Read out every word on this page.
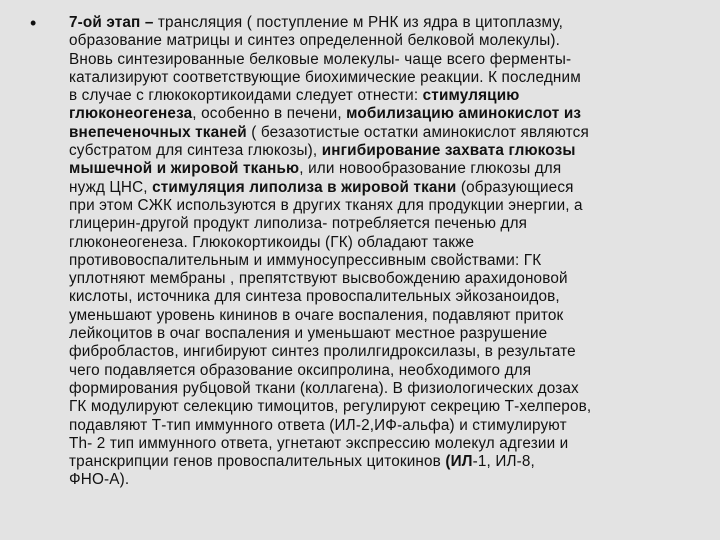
• 7-ой этап – трансляция ( поступление м РНК из ядра в цитоплазму,
образование матрицы и синтез определенной белковой молекулы).
Вновь синтезированные белковые молекулы- чаще всего ферменты-
катализируют соответствующие биохимические реакции. К последним
в случае с глюкокортикоидами следует отнести: стимуляцию
глюконеогенеза, особенно в печени, мобилизацию аминокислот из
внепеченочных тканей ( безазотистые остатки аминокислот являются
субстратом для синтеза глюкозы), ингибирование захвата глюкозы
мышечной и жировой тканью, или новообразование глюкозы для
нужд ЦНС, стимуляция липолиза в жировой ткани (образующиеся
при этом СЖК используются в других тканях для продукции энергии, а
глицерин-другой продукт липолиза- потребляется печенью для
глюконеогенеза. Глюкокортикоиды (ГК) обладают также
противовоспалительным и иммуносупрессивным свойствами: ГК
уплотняют мембраны , препятствуют высвобождению арахидоновой
кислоты, источника для синтеза провоспалительных эйкозаноидов,
уменьшают уровень кининов в очаге воспаления, подавляют приток
лейкоцитов в очаг воспаления и уменьшают местное разрушение
фибробластов, ингибируют синтез пролилгидроксилазы, в результате
чего подавляется образование оксипролина, необходимого для
формирования рубцовой ткани (коллагена). В физиологических дозах
ГК модулируют селекцию тимоцитов, регулируют секрецию Т-хелперов,
подавляют Т-тип иммунного ответа (ИЛ-2,ИФ-альфа) и стимулируют
Th- 2 тип иммунного ответа, угнетают экспрессию молекул адгезии и
транскрипции генов провоспалительных цитокинов (ИЛ-1, ИЛ-8,
ФНО-А).
